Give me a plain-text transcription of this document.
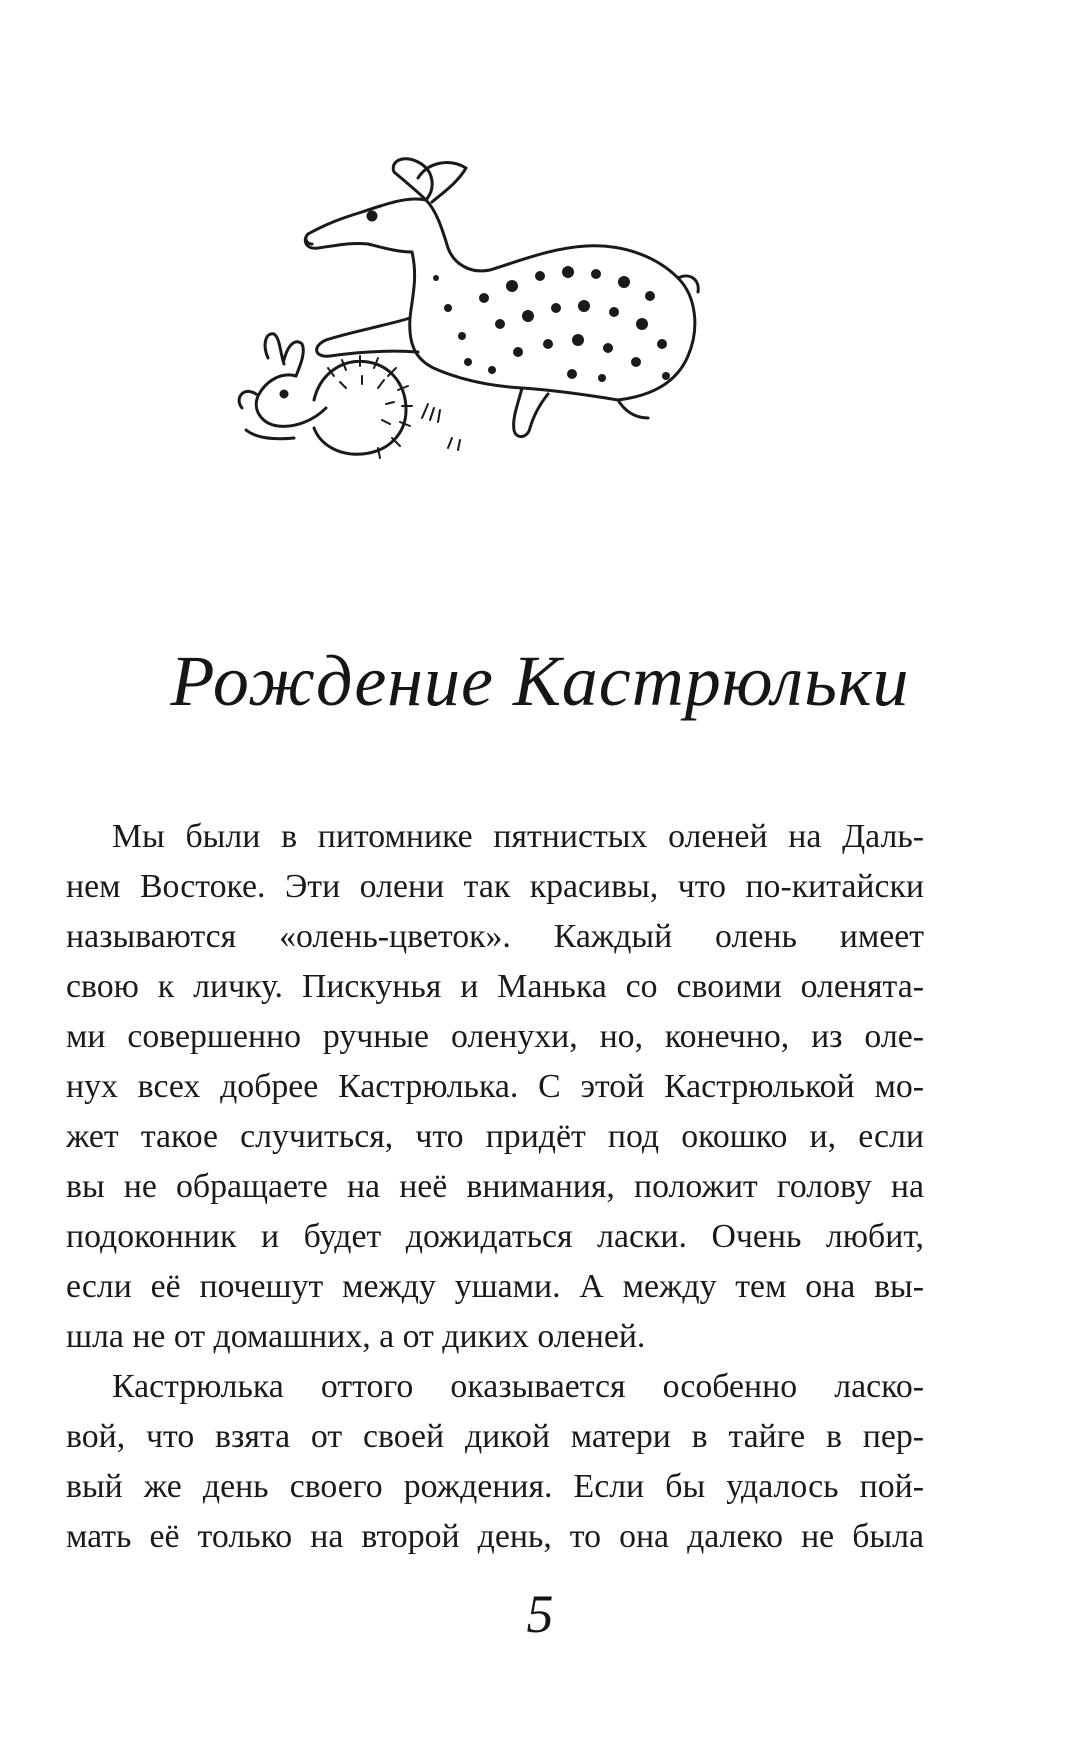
Рождение Кастрюльки
Мы были в питомнике пятнистых оленей на Даль-
нем Востоке. Эти олени так красивы, что по-китайски
называются «олень-цветок». Каждый олень имеет
свою к личку. Пискунья и Манька со своими оленята-
ми совершенно ручные оленухи, но, конечно, из оле-
нух всех добрее Кастрюлька. С этой Кастрюлькой мо-
жет такое случиться, что придёт под окошко и, если
вы не обращаете на неё внимания, положит голову на
подоконник и будет дожидаться ласки. Очень любит,
если её почешут между ушами. А между тем она вы-
шла не от домашних, а от диких оленей.
Кастрюлька оттого оказывается особенно ласко-
вой, что взята от своей дикой матери в тайге в пер-
вый же день своего рождения. Если бы удалось пой-
мать её только на второй день, то она далеко не была
5
